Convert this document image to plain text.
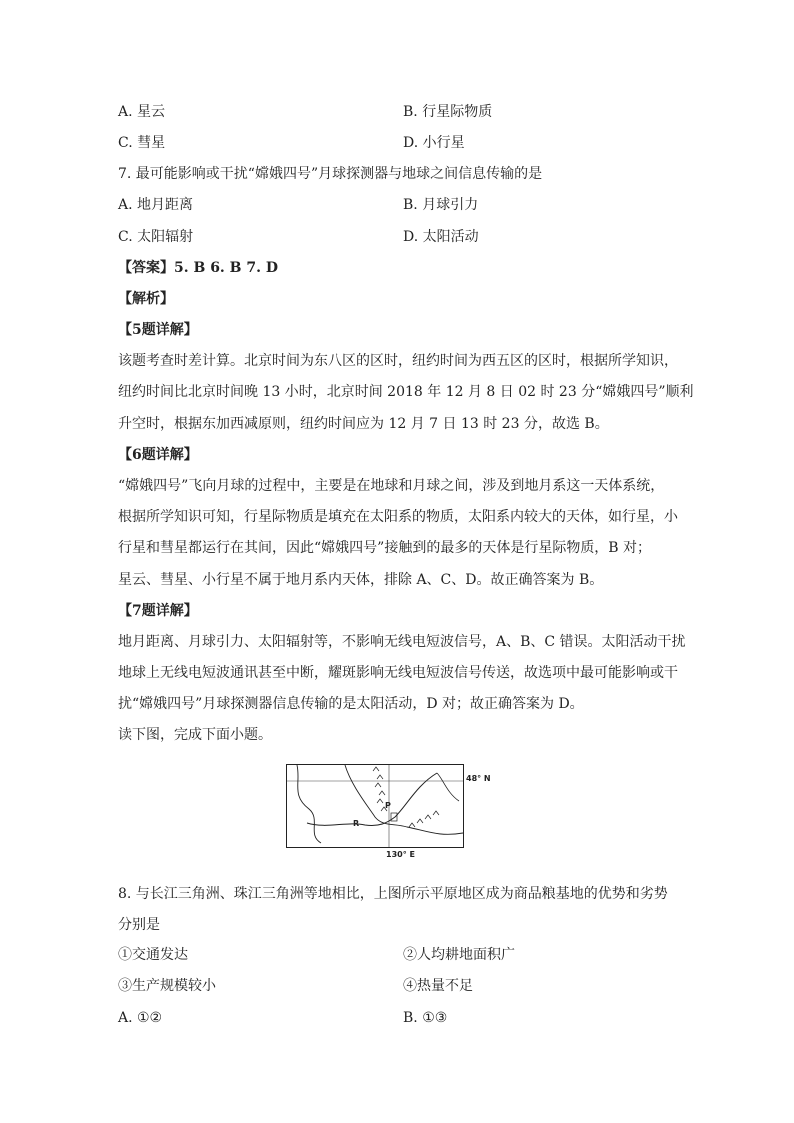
A. 星云	B. 行星际物质
C. 彗星	D. 小行星
7. 最可能影响或干扰“嫦娥四号”月球探测器与地球之间信息传输的是
A. 地月距离	B. 月球引力
C. 太阳辐射	D. 太阳活动
【答案】5. B 6. B 7. D
【解析】
【5题详解】
该题考查时差计算。北京时间为东八区的区时，纽约时间为西五区的区时，根据所学知识，
纽约时间比北京时间晚 13 小时，北京时间 2018 年 12 月 8 日 02 时 23 分“嫦娥四号”顺利
升空时，根据东加西减原则，纽约时间应为 12 月 7 日 13 时 23 分，故选 B。
【6题详解】
“嫦娥四号”飞向月球的过程中，主要是在地球和月球之间，涉及到地月系这一天体系统，
根据所学知识可知，行星际物质是填充在太阳系的物质，太阳系内较大的天体，如行星，小
行星和彗星都运行在其间，因此“嫦娥四号”接触到的最多的天体是行星际物质，B 对；
星云、彗星、小行星不属于地月系内天体，排除 A、C、D。故正确答案为 B。
【7题详解】
地月距离、月球引力、太阳辐射等，不影响无线电短波信号，A、B、C 错误。太阳活动干扰
地球上无线电短波通讯甚至中断，耀斑影响无线电短波信号传送，故选项中最可能影响或干
扰“嫦娥四号”月球探测器信息传输的是太阳活动，D 对；故正确答案为 D。
读下图，完成下面小题。
P
R
48° N
130° E
8. 与长江三角洲、珠江三角洲等地相比，上图所示平原地区成为商品粮基地的优势和劣势
分别是
①交通发达	②人均耕地面积广
③生产规模较小	④热量不足
A. ①②	B. ①③
